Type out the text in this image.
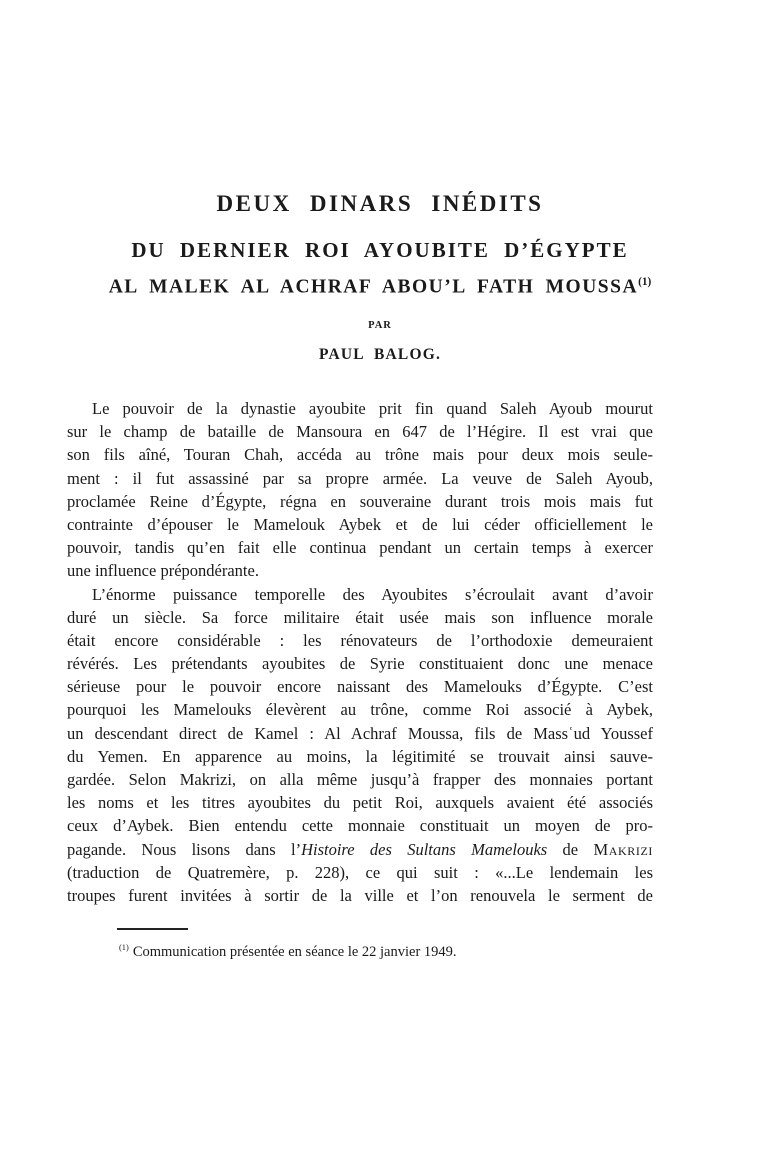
DEUX DINARS INÉDITS
DU DERNIER ROI AYOUBITE D’ÉGYPTE
AL MALEK AL ACHRAF ABOU’L FATH MOUSSA$^{(1)}$
PAR
PAUL BALOG.
Le pouvoir de la dynastie ayoubite prit fin quand Saleh Ayoub mourut
sur le champ de bataille de Mansoura en 647 de l’Hégire. Il est vrai que
son fils aîné, Touran Chah, accéda au trône mais pour deux mois seule-
ment : il fut assassiné par sa propre armée. La veuve de Saleh Ayoub,
proclamée Reine d’Égypte, régna en souveraine durant trois mois mais fut
contrainte d’épouser le Mamelouk Aybek et de lui céder officiellement le
pouvoir, tandis qu’en fait elle continua pendant un certain temps à exercer
une influence prépondérante.
L’énorme puissance temporelle des Ayoubites s’écroulait avant d’avoir
duré un siècle. Sa force militaire était usée mais son influence morale
était encore considérable : les rénovateurs de l’orthodoxie demeuraient
révérés. Les prétendants ayoubites de Syrie constituaient donc une menace
sérieuse pour le pouvoir encore naissant des Mamelouks d’Égypte. C’est
pourquoi les Mamelouks élevèrent au trône, comme Roi associé à Aybek,
un descendant direct de Kamel : Al Achraf Moussa, fils de Massʿud Youssef
du Yemen. En apparence au moins, la légitimité se trouvait ainsi sauve-
gardée. Selon Makrizi, on alla même jusqu’à frapper des monnaies portant
les noms et les titres ayoubites du petit Roi, auxquels avaient été associés
ceux d’Aybek. Bien entendu cette monnaie constituait un moyen de pro-
pagande. Nous lisons dans l’Histoire des Sultans Mamelouks de Makrizi
(traduction de Quatremère, p. 228), ce qui suit : «...Le lendemain les
troupes furent invitées à sortir de la ville et l’on renouvela le serment de
$^{(1)}$ Communication présentée en séance le 22 janvier 1949.
